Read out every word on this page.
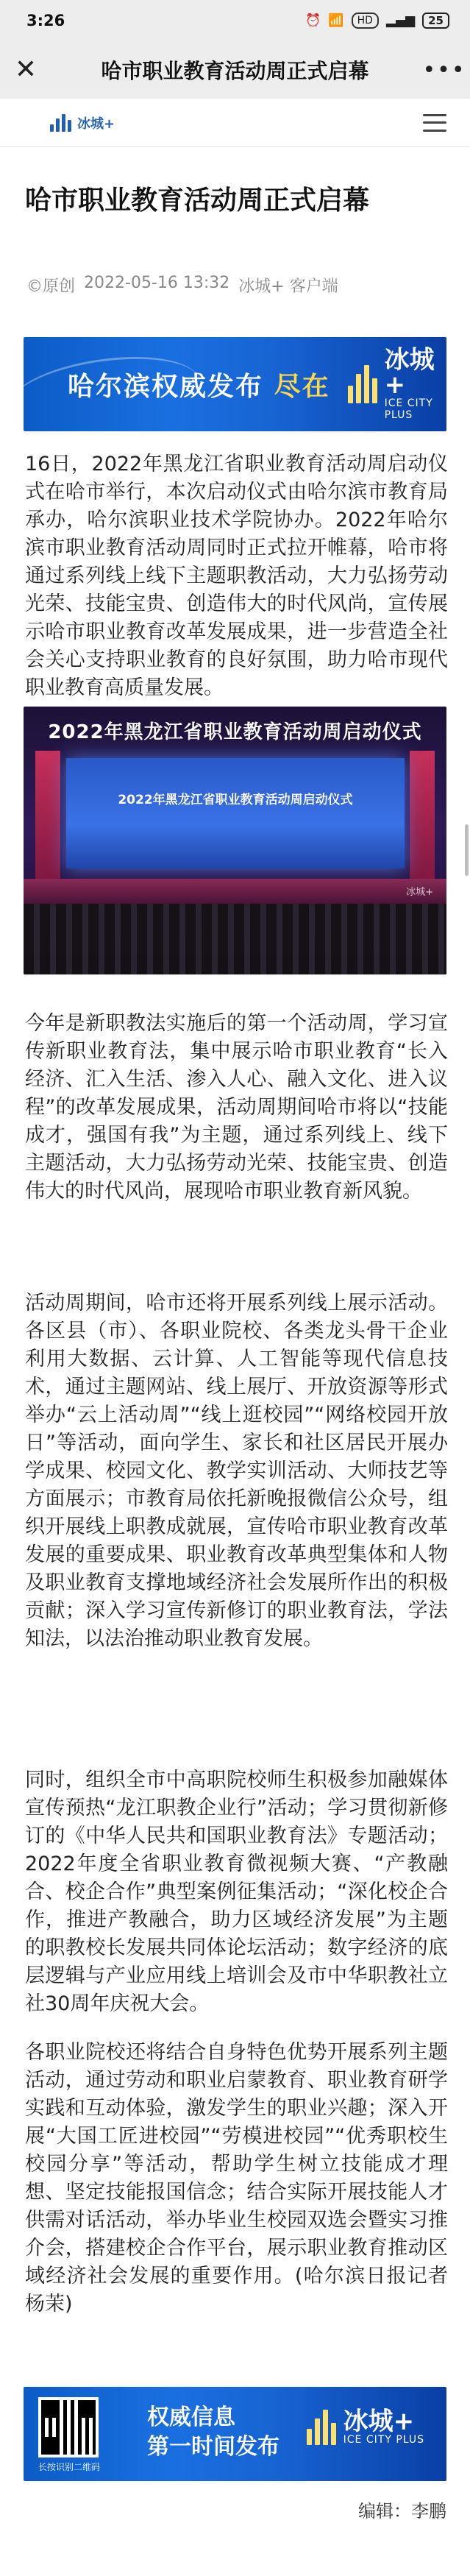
3:26	⏰ 📶	HD	▂▄▆ 25
✕	哈市职业教育活动周正式启幕	•••
冰城+
哈市职业教育活动周正式启幕
©原创 2022-05-16 13:32 冰城+ 客户端
哈尔滨权威发布 尽在
冰城+
ICE CITY PLUS

16日，2022年黑龙江省职业教育活动周启动仪式在哈市举行，本次启动仪式由哈尔滨市教育局承办，哈尔滨职业技术学院协办。2022年哈尔滨市职业教育活动周同时正式拉开帷幕，哈市将通过系列线上线下主题职教活动，大力弘扬劳动光荣、技能宝贵、创造伟大的时代风尚，宣传展示哈市职业教育改革发展成果，进一步营造全社会关心支持职业教育的良好氛围，助力哈市现代职业教育高质量发展。

2022年黑龙江省职业教育活动周启动仪式
2022年黑龙江省职业教育活动周启动仪式
冰城+

今年是新职教法实施后的第一个活动周，学习宣传新职业教育法，集中展示哈市职业教育“长入经济、汇入生活、渗入人心、融入文化、进入议程”的改革发展成果，活动周期间哈市将以“技能成才，强国有我”为主题，通过系列线上、线下主题活动，大力弘扬劳动光荣、技能宝贵、创造伟大的时代风尚，展现哈市职业教育新风貌。

活动周期间，哈市还将开展系列线上展示活动。各区县（市）、各职业院校、各类龙头骨干企业利用大数据、云计算、人工智能等现代信息技术，通过主题网站、线上展厅、开放资源等形式举办“云上活动周”“线上逛校园”“网络校园开放日”等活动，面向学生、家长和社区居民开展办学成果、校园文化、教学实训活动、大师技艺等方面展示；市教育局依托新晚报微信公众号，组织开展线上职教成就展，宣传哈市职业教育改革发展的重要成果、职业教育改革典型集体和人物及职业教育支撑地域经济社会发展所作出的积极贡献；深入学习宣传新修订的职业教育法，学法知法，以法治推动职业教育发展。

同时，组织全市中高职院校师生积极参加融媒体宣传预热“龙江职教企业行”活动；学习贯彻新修订的《中华人民共和国职业教育法》专题活动；2022年度全省职业教育微视频大赛、“产教融合、校企合作”典型案例征集活动；“深化校企合作，推进产教融合，助力区域经济发展”为主题的职教校长发展共同体论坛活动；数字经济的底层逻辑与产业应用线上培训会及市中华职教社立社30周年庆祝大会。

各职业院校还将结合自身特色优势开展系列主题活动，通过劳动和职业启蒙教育、职业教育研学实践和互动体验，激发学生的职业兴趣；深入开展“大国工匠进校园”“劳模进校园”“优秀职校生校园分享”等活动，帮助学生树立技能成才理想、坚定技能报国信念；结合实际开展技能人才供需对话活动，举办毕业生校园双选会暨实习推介会，搭建校企合作平台，展示职业教育推动区域经济社会发展的重要作用。(哈尔滨日报记者 杨茉)

长按识别二维码
权威信息
第一时间发布
冰城+
ICE CITY PLUS
编辑：李鹏
